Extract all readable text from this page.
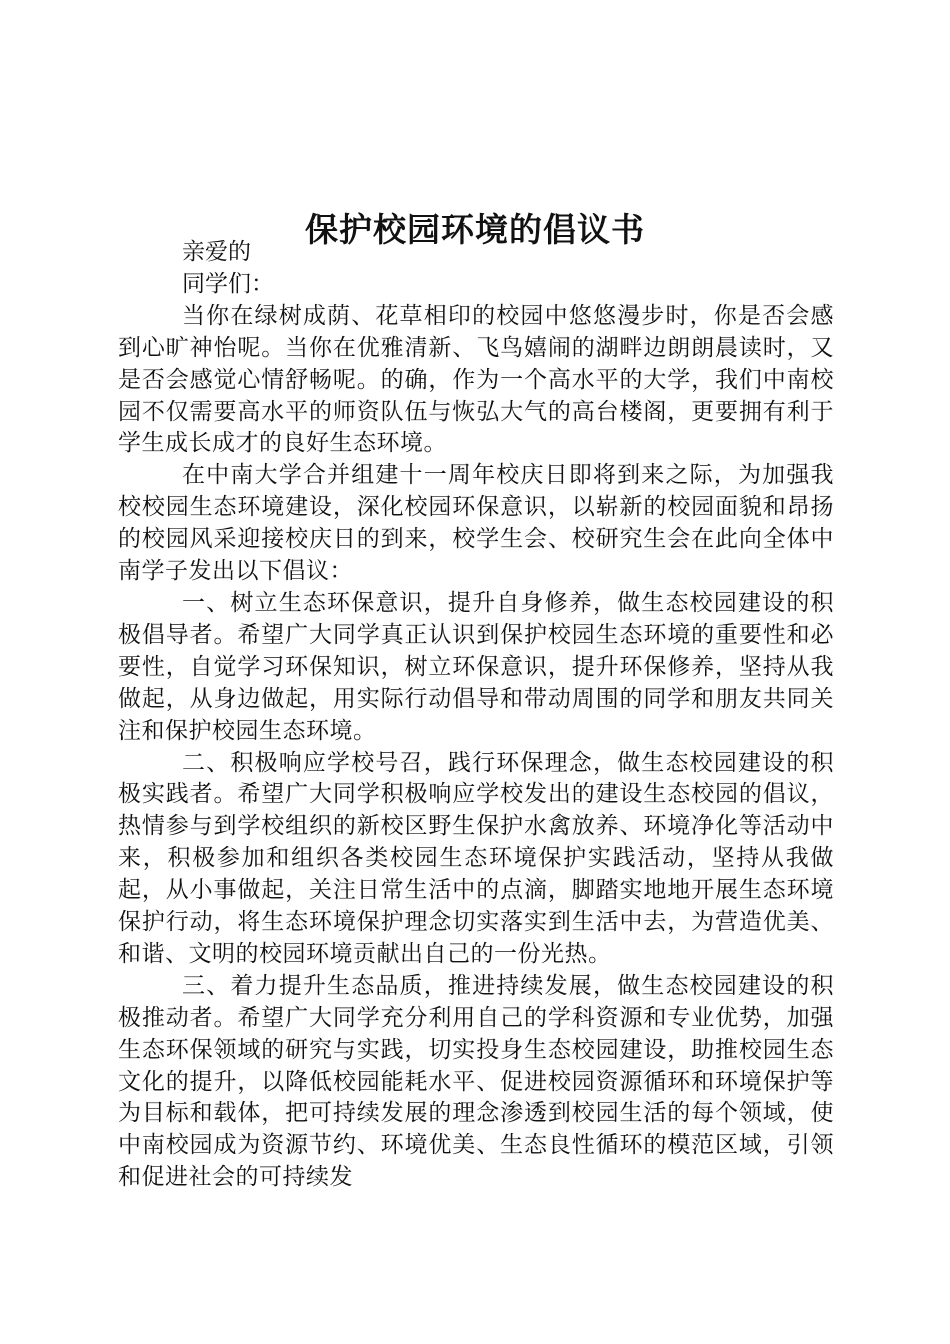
保护校园环境的倡议书

亲爱的

同学们：

当你在绿树成荫、花草相印的校园中悠悠漫步时，你是否会感到心旷神怡呢。当你在优雅清新、飞鸟嬉闹的湖畔边朗朗晨读时，又是否会感觉心情舒畅呢。的确，作为一个高水平的大学，我们中南校园不仅需要高水平的师资队伍与恢弘大气的高台楼阁，更要拥有利于学生成长成才的良好生态环境。

在中南大学合并组建十一周年校庆日即将到来之际，为加强我校校园生态环境建设，深化校园环保意识，以崭新的校园面貌和昂扬的校园风采迎接校庆日的到来，校学生会、校研究生会在此向全体中南学子发出以下倡议：

一、树立生态环保意识，提升自身修养，做生态校园建设的积极倡导者。希望广大同学真正认识到保护校园生态环境的重要性和必要性，自觉学习环保知识，树立环保意识，提升环保修养，坚持从我做起，从身边做起，用实际行动倡导和带动周围的同学和朋友共同关注和保护校园生态环境。

二、积极响应学校号召，践行环保理念，做生态校园建设的积极实践者。希望广大同学积极响应学校发出的建设生态校园的倡议，热情参与到学校组织的新校区野生保护水禽放养、环境净化等活动中来，积极参加和组织各类校园生态环境保护实践活动，坚持从我做起，从小事做起，关注日常生活中的点滴，脚踏实地地开展生态环境保护行动，将生态环境保护理念切实落实到生活中去，为营造优美、和谐、文明的校园环境贡献出自己的一份光热。

三、着力提升生态品质，推进持续发展，做生态校园建设的积极推动者。希望广大同学充分利用自己的学科资源和专业优势，加强生态环保领域的研究与实践，切实投身生态校园建设，助推校园生态文化的提升，以降低校园能耗水平、促进校园资源循环和环境保护等为目标和载体，把可持续发展的理念渗透到校园生活的每个领域，使中南校园成为资源节约、环境优美、生态良性循环的模范区域，引领和促进社会的可持续发
